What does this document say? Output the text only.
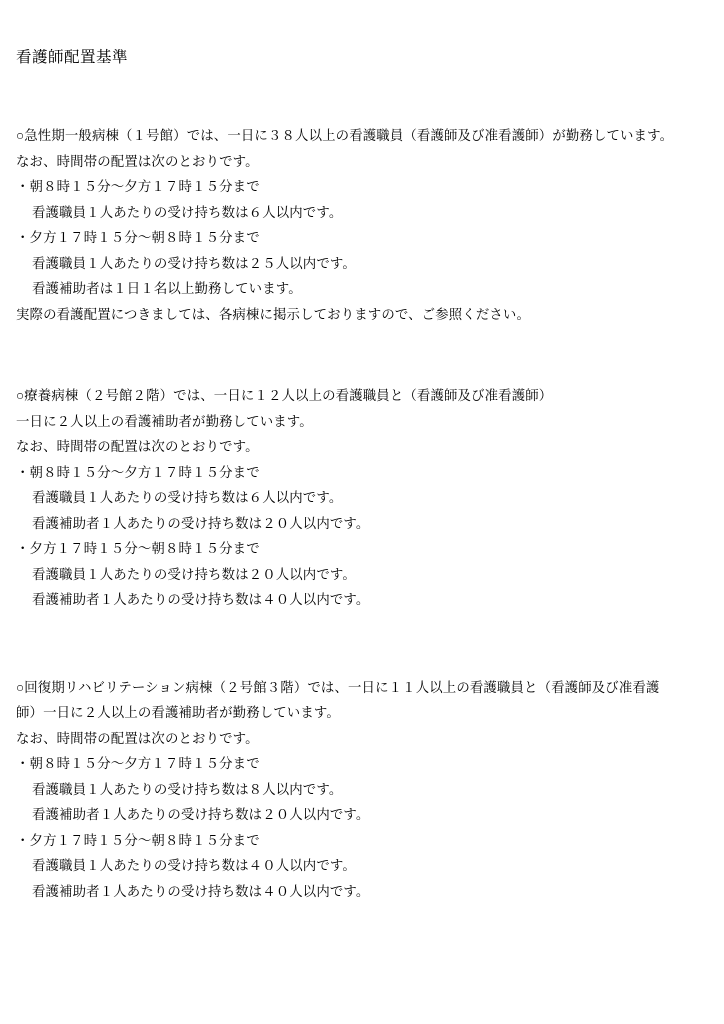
看護師配置基準

○急性期一般病棟（１号館）では、一日に３８人以上の看護職員（看護師及び准看護師）が勤務しています。

なお、時間帯の配置は次のとおりです。

・朝８時１５分〜夕方１７時１５分まで

看護職員１人あたりの受け持ち数は６人以内です。

・夕方１７時１５分〜朝８時１５分まで

看護職員１人あたりの受け持ち数は２５人以内です。

看護補助者は１日１名以上勤務しています。

実際の看護配置につきましては、各病棟に掲示しておりますので、ご参照ください。

○療養病棟（２号館２階）では、一日に１２人以上の看護職員と（看護師及び准看護師）

一日に２人以上の看護補助者が勤務しています。

なお、時間帯の配置は次のとおりです。

・朝８時１５分〜夕方１７時１５分まで

看護職員１人あたりの受け持ち数は６人以内です。

看護補助者１人あたりの受け持ち数は２０人以内です。

・夕方１７時１５分〜朝８時１５分まで

看護職員１人あたりの受け持ち数は２０人以内です。

看護補助者１人あたりの受け持ち数は４０人以内です。

○回復期リハビリテーション病棟（２号館３階）では、一日に１１人以上の看護職員と（看護師及び准看護

師）一日に２人以上の看護補助者が勤務しています。

なお、時間帯の配置は次のとおりです。

・朝８時１５分〜夕方１７時１５分まで

看護職員１人あたりの受け持ち数は８人以内です。

看護補助者１人あたりの受け持ち数は２０人以内です。

・夕方１７時１５分〜朝８時１５分まで

看護職員１人あたりの受け持ち数は４０人以内です。

看護補助者１人あたりの受け持ち数は４０人以内です。
